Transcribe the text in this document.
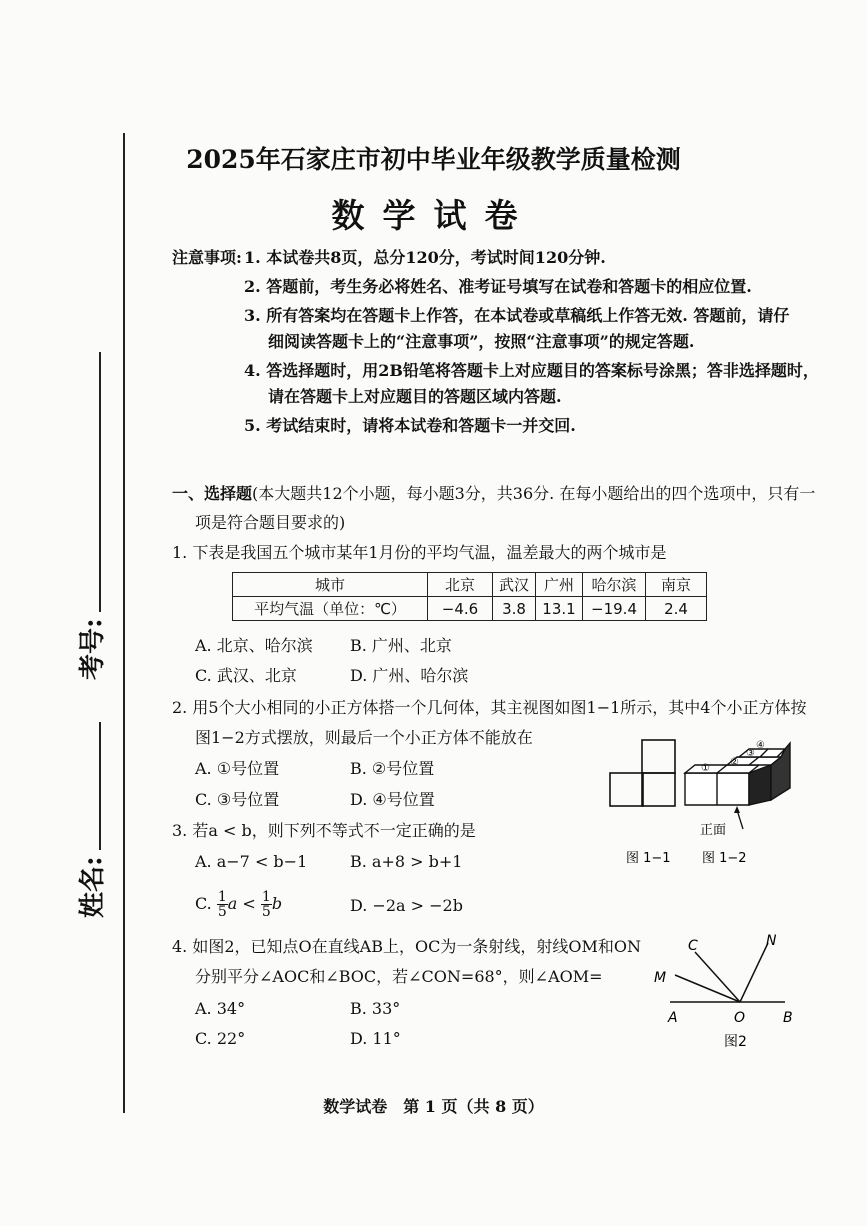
考号:
姓名:
2025年石家庄市初中毕业年级教学质量检测
数学试卷
注意事项: 1. 本试卷共8页，总分120分，考试时间120分钟.
2. 答题前，考生务必将姓名、准考证号填写在试卷和答题卡的相应位置.
3. 所有答案均在答题卡上作答，在本试卷或草稿纸上作答无效. 答题前，请仔
细阅读答题卡上的“注意事项”，按照“注意事项”的规定答题.
4. 答选择题时，用2B铅笔将答题卡上对应题目的答案标号涂黑；答非选择题时，
请在答题卡上对应题目的答题区域内答题.
5. 考试结束时，请将本试卷和答题卡一并交回.
一、选择题(本大题共12个小题，每小题3分，共36分. 在每小题给出的四个选项中，只有一
项是符合题目要求的)
1. 下表是我国五个城市某年1月份的平均气温，温差最大的两个城市是
城市	北京	武汉	广州	哈尔滨	南京
平均气温（单位：℃）	−4.6	3.8	13.1	−19.4	2.4
A. 北京、哈尔滨 B. 广州、北京
C. 武汉、北京	D. 广州、哈尔滨
2. 用5个大小相同的小正方体搭一个几何体，其主视图如图1−1所示，其中4个小正方体按
图1−2方式摆放，则最后一个小正方体不能放在
A. ①号位置	B. ②号位置
C. ③号位置	D. ④号位置
①
②
③
④
正面
图 1−1 图 1−2
3. 若a < b，则下列不等式不一定正确的是
A. a−7 < b−1	B. a+8 > b+1
C. $\frac{1}{5}$ $a < \frac{1}{5}$ b	D. −2a > −2b
4. 如图2，已知点O在直线AB上，OC为一条射线，射线OM和ON
分别平分∠AOC和∠BOC，若∠CON=68°，则∠AOM=
A. 34°	B. 33°
C. 22°	D. 11°
C	N
M
A	O	B
图2
数学试卷　第 1 页（共 8 页）
